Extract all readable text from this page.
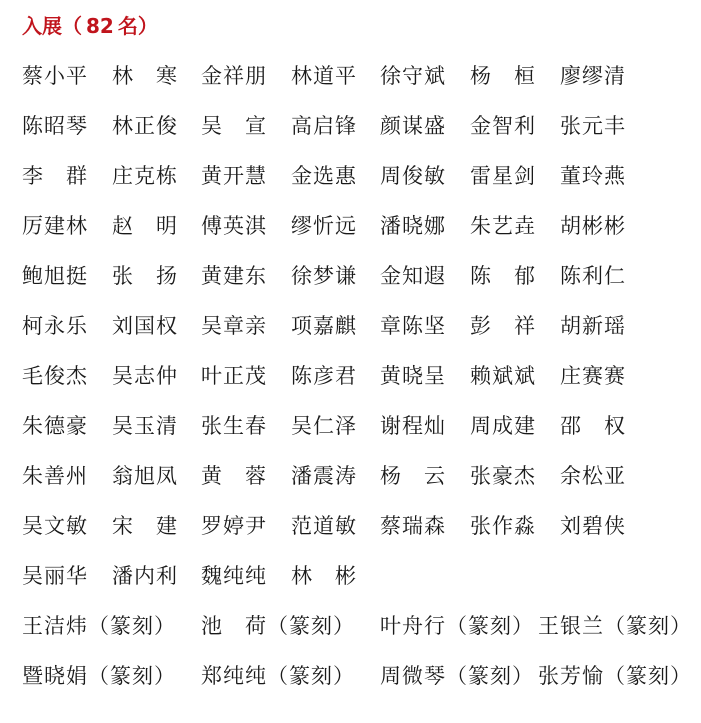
入展（ 82 名）
蔡小平 林　寒 金祥朋 林道平 徐守斌 杨　桓 廖缪清
陈昭琴 林正俊 吴　宣 高启锋 颜谋盛 金智利 张元丰
李　群 庄克栋 黄开慧 金选惠 周俊敏 雷星剑 董玲燕
厉建林 赵　明 傅英淇 缪忻远 潘晓娜 朱艺垚 胡彬彬
鲍旭挺 张　扬 黄建东 徐梦谦 金知遐 陈　郁 陈利仁
柯永乐 刘国权 吴章亲 项嘉麒 章陈坚 彭　祥 胡新瑶
毛俊杰 吴志仲 叶正茂 陈彦君 黄晓呈 赖斌斌 庄赛赛
朱德豪 吴玉清 张生春 吴仁泽 谢程灿 周成建 邵　权
朱善州 翁旭凤 黄　蓉 潘震涛 杨　云 张豪杰 余松亚
吴文敏 宋　建 罗婷尹 范道敏 蔡瑞森 张作淼 刘碧侠
吴丽华 潘内利 魏纯纯 林　彬
王洁炜（篆刻） 池　荷（篆刻） 叶舟行（篆刻） 王银兰（篆刻）
暨晓娟（篆刻） 郑纯纯（篆刻） 周微琴（篆刻） 张芳愉（篆刻）
